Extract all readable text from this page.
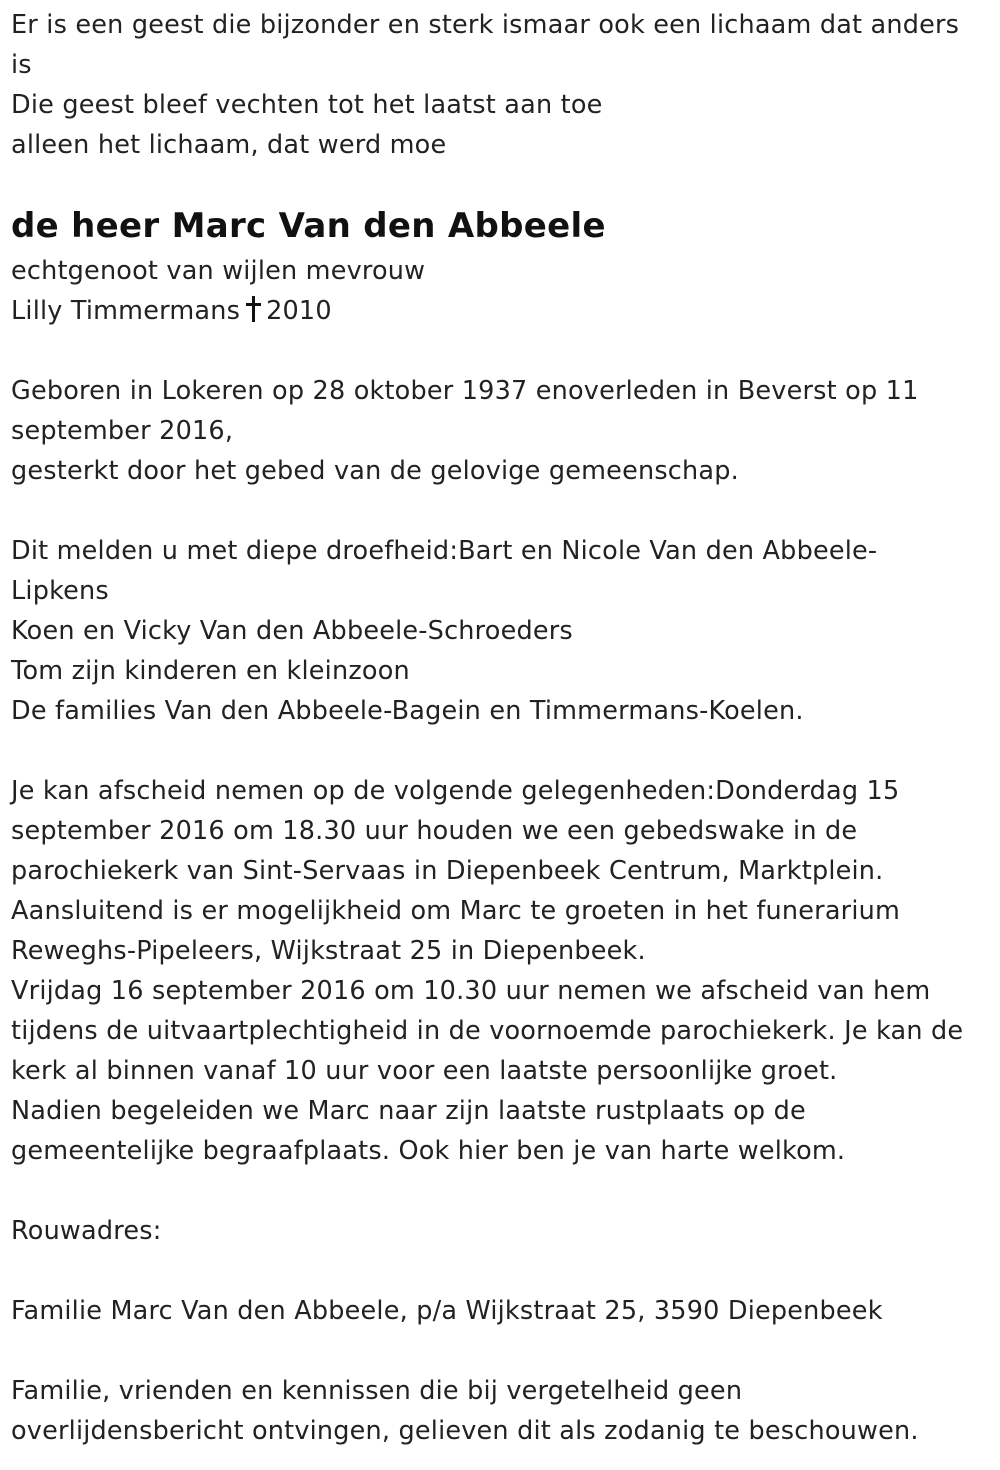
Er is een geest die bijzonder en sterk ismaar ook een lichaam dat anders
is
Die geest bleef vechten tot het laatst aan toe
alleen het lichaam, dat werd moe
de heer Marc Van den Abbeele
echtgenoot van wijlen mevrouw
Lilly Timmermans 2010
Geboren in Lokeren op 28 oktober 1937 enoverleden in Beverst op 11
september 2016,
gesterkt door het gebed van de gelovige gemeenschap.
Dit melden u met diepe droefheid:Bart en Nicole Van den Abbeele-
Lipkens
Koen en Vicky Van den Abbeele-Schroeders
Tom zijn kinderen en kleinzoon
De families Van den Abbeele-Bagein en Timmermans-Koelen.
Je kan afscheid nemen op de volgende gelegenheden:Donderdag 15
september 2016 om 18.30 uur houden we een gebedswake in de
parochiekerk van Sint-Servaas in Diepenbeek Centrum, Marktplein.
Aansluitend is er mogelijkheid om Marc te groeten in het funerarium
Reweghs-Pipeleers, Wijkstraat 25 in Diepenbeek.
Vrijdag 16 september 2016 om 10.30 uur nemen we afscheid van hem
tijdens de uitvaartplechtigheid in de voornoemde parochiekerk. Je kan de
kerk al binnen vanaf 10 uur voor een laatste persoonlijke groet.
Nadien begeleiden we Marc naar zijn laatste rustplaats op de
gemeentelijke begraafplaats. Ook hier ben je van harte welkom.
Rouwadres:
Familie Marc Van den Abbeele, p/a Wijkstraat 25, 3590 Diepenbeek
Familie, vrienden en kennissen die bij vergetelheid geen
overlijdensbericht ontvingen, gelieven dit als zodanig te beschouwen.
